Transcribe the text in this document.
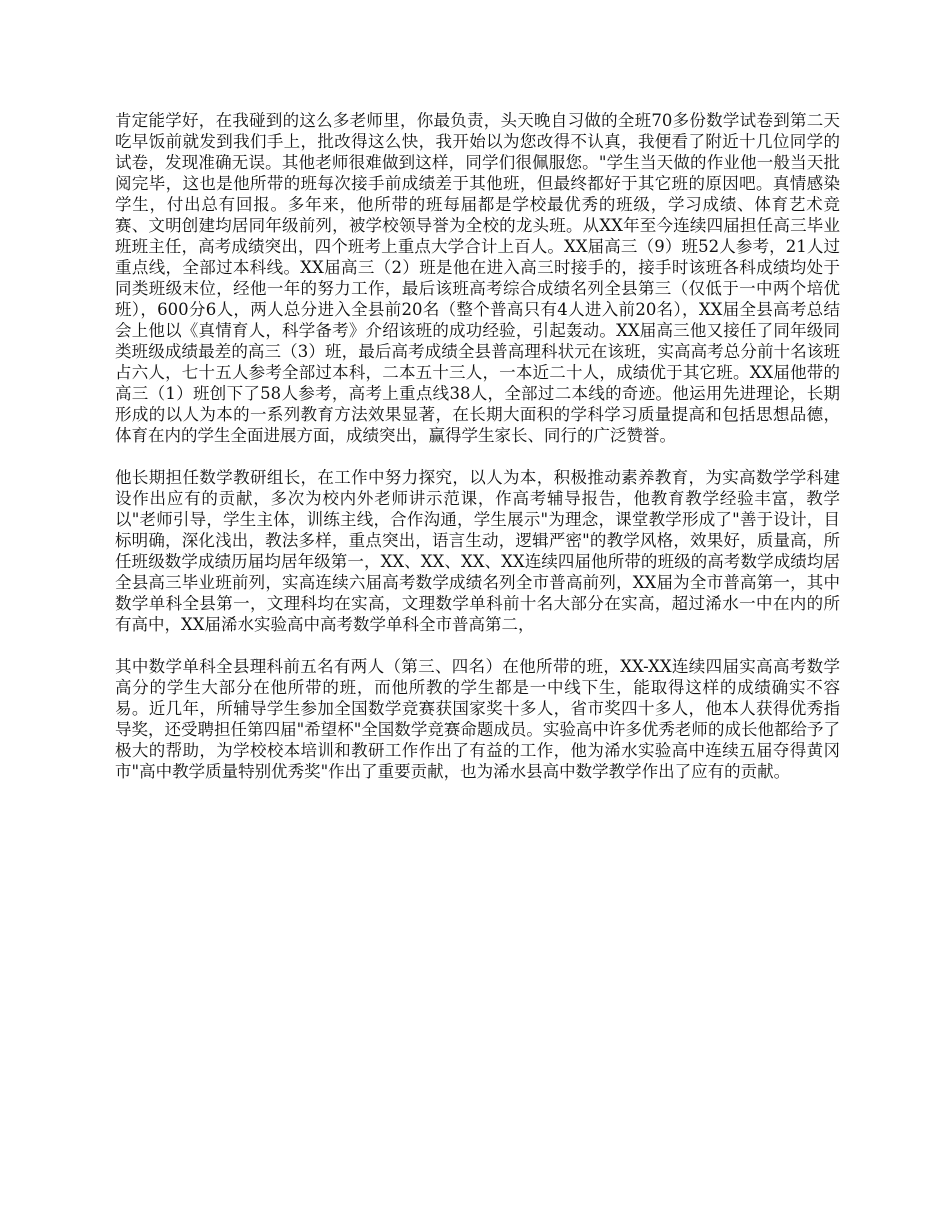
肯定能学好，在我碰到的这么多老师里，你最负责，头天晚自习做的全班70多份数学试卷到第二天吃早饭前就发到我们手上，批改得这么快，我开始以为您改得不认真，我便看了附近十几位同学的试卷，发现准确无误。其他老师很难做到这样，同学们很佩服您。"学生当天做的作业他一般当天批阅完毕，这也是他所带的班每次接手前成绩差于其他班，但最终都好于其它班的原因吧。真情感染学生，付出总有回报。多年来，他所带的班每届都是学校最优秀的班级，学习成绩、体育艺术竞赛、文明创建均居同年级前列，被学校领导誉为全校的龙头班。从XX年至今连续四届担任高三毕业班班主任，高考成绩突出，四个班考上重点大学合计上百人。XX届高三（9）班52人参考，21人过重点线，全部过本科线。XX届高三（2）班是他在进入高三时接手的，接手时该班各科成绩均处于同类班级末位，经他一年的努力工作，最后该班高考综合成绩名列全县第三（仅低于一中两个培优班），600分6人，两人总分进入全县前20名（整个普高只有4人进入前20名），XX届全县高考总结会上他以《真情育人，科学备考》介绍该班的成功经验，引起轰动。XX届高三他又接任了同年级同类班级成绩最差的高三（3）班，最后高考成绩全县普高理科状元在该班，实高高考总分前十名该班占六人，七十五人参考全部过本科，二本五十三人，一本近二十人，成绩优于其它班。XX届他带的高三（1）班创下了58人参考，高考上重点线38人，全部过二本线的奇迹。他运用先进理论，长期形成的以人为本的一系列教育方法效果显著，在长期大面积的学科学习质量提高和包括思想品德，体育在内的学生全面进展方面，成绩突出，赢得学生家长、同行的广泛赞誉。

他长期担任数学教研组长，在工作中努力探究，以人为本，积极推动素养教育，为实高数学学科建设作出应有的贡献，多次为校内外老师讲示范课，作高考辅导报告，他教育教学经验丰富，教学以"老师引导，学生主体，训练主线，合作沟通，学生展示"为理念，课堂教学形成了"善于设计，目标明确，深化浅出，教法多样，重点突出，语言生动，逻辑严密"的教学风格，效果好，质量高，所任班级数学成绩历届均居年级第一，XX、XX、XX、XX连续四届他所带的班级的高考数学成绩均居全县高三毕业班前列，实高连续六届高考数学成绩名列全市普高前列，XX届为全市普高第一，其中数学单科全县第一，文理科均在实高，文理数学单科前十名大部分在实高，超过浠水一中在内的所有高中，XX届浠水实验高中高考数学单科全市普高第二，

其中数学单科全县理科前五名有两人（第三、四名）在他所带的班，XX-XX连续四届实高高考数学高分的学生大部分在他所带的班，而他所教的学生都是一中线下生，能取得这样的成绩确实不容易。近几年，所辅导学生参加全国数学竞赛获国家奖十多人，省市奖四十多人，他本人获得优秀指导奖，还受聘担任第四届"希望杯"全国数学竞赛命题成员。实验高中许多优秀老师的成长他都给予了极大的帮助，为学校校本培训和教研工作作出了有益的工作，他为浠水实验高中连续五届夺得黄冈市"高中教学质量特别优秀奖"作出了重要贡献，也为浠水县高中数学教学作出了应有的贡献。
